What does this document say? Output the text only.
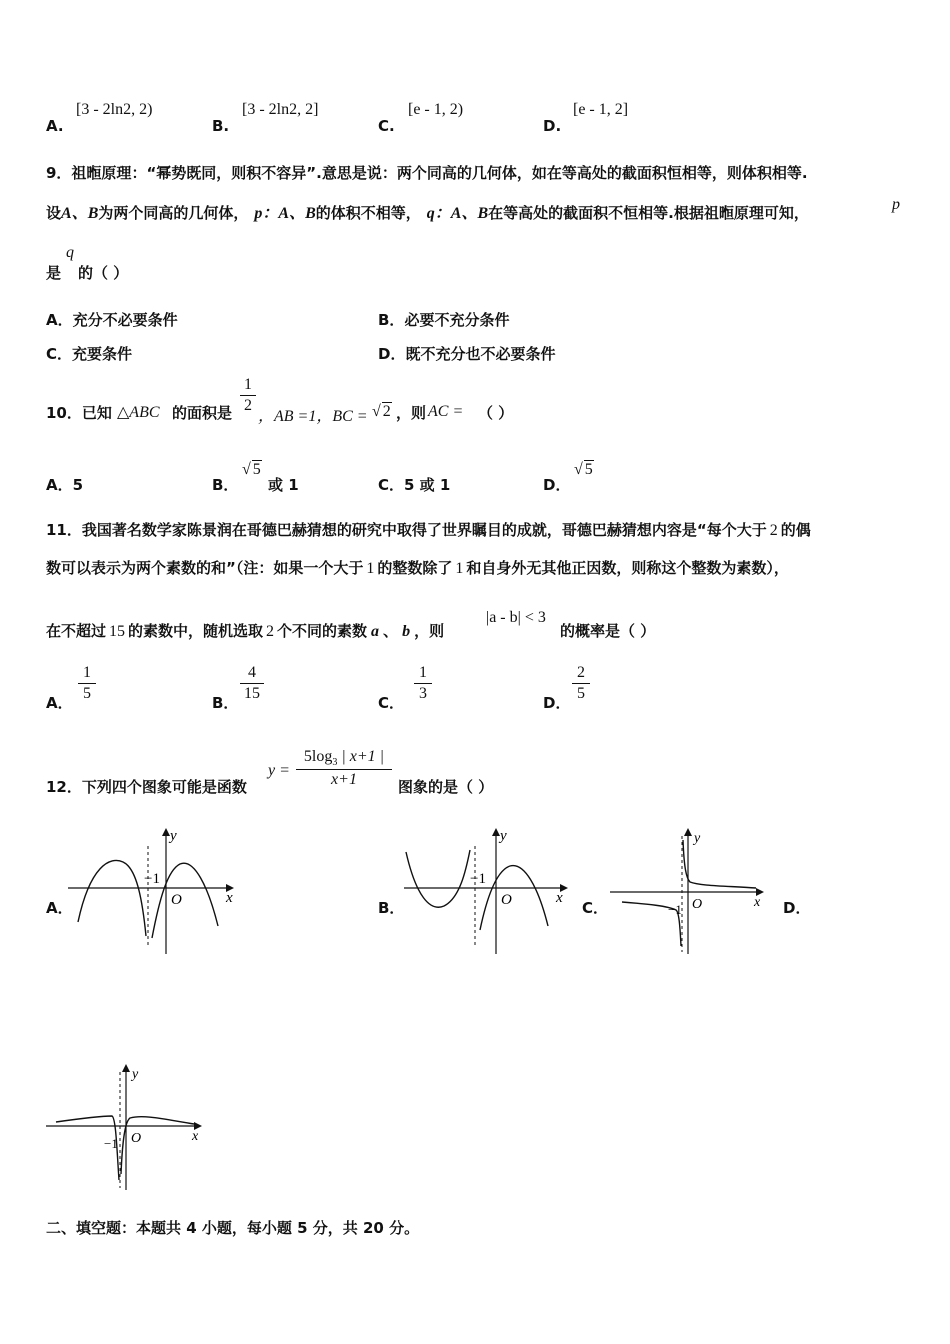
A.
[3 - 2ln2, 2)
B.
[3 - 2ln2, 2]
C.
[e - 1, 2)
D.
[e - 1, 2]
9．祖暅原理：“幂势既同，则积不容异”.意思是说：两个同高的几何体，如在等高处的截面积恒相等，则体积相等.
设A、B为两个同高的几何体， p：A、B的体积不相等， q：A、B在等高处的截面积不恒相等.根据祖暅原理可知，	p
是
q
的（ ）
A．充分不必要条件	B．必要不充分条件
C．充要条件	D．既不充分也不必要条件
10．已知 △ABC 的面积是
1
2
，AB =1，BC = √ 2 ，则 AC = （ ）
A．5	B．
√ 5
或 1	C．5 或 1	D．
√ 5
11．我国著名数学家陈景润在哥德巴赫猜想的研究中取得了世界瞩目的成就，哥德巴赫猜想内容是“每个大于 2 的偶
数可以表示为两个素数的和”（注：如果一个大于 1 的整数除了 1 和自身外无其他正因数，则称这个整数为素数），
在不超过 15 的素数中，随机选取 2 个不同的素数 a 、 b ，则
|a - b| < 3
的概率是（ ）
A．
1
5
B．
4
15
C．
1
3
D．
2
5
12．下列四个图象可能是函数
y =
$5\log_3$ | x+1 |
x+1	图象的是（ ）
A．	B．	C．	D．
y
x
O
−1
y
x
O
−1
y
x
O
−1
y
x
O
−1
二、填空题：本题共 4 小题，每小题 5 分，共 20 分。
